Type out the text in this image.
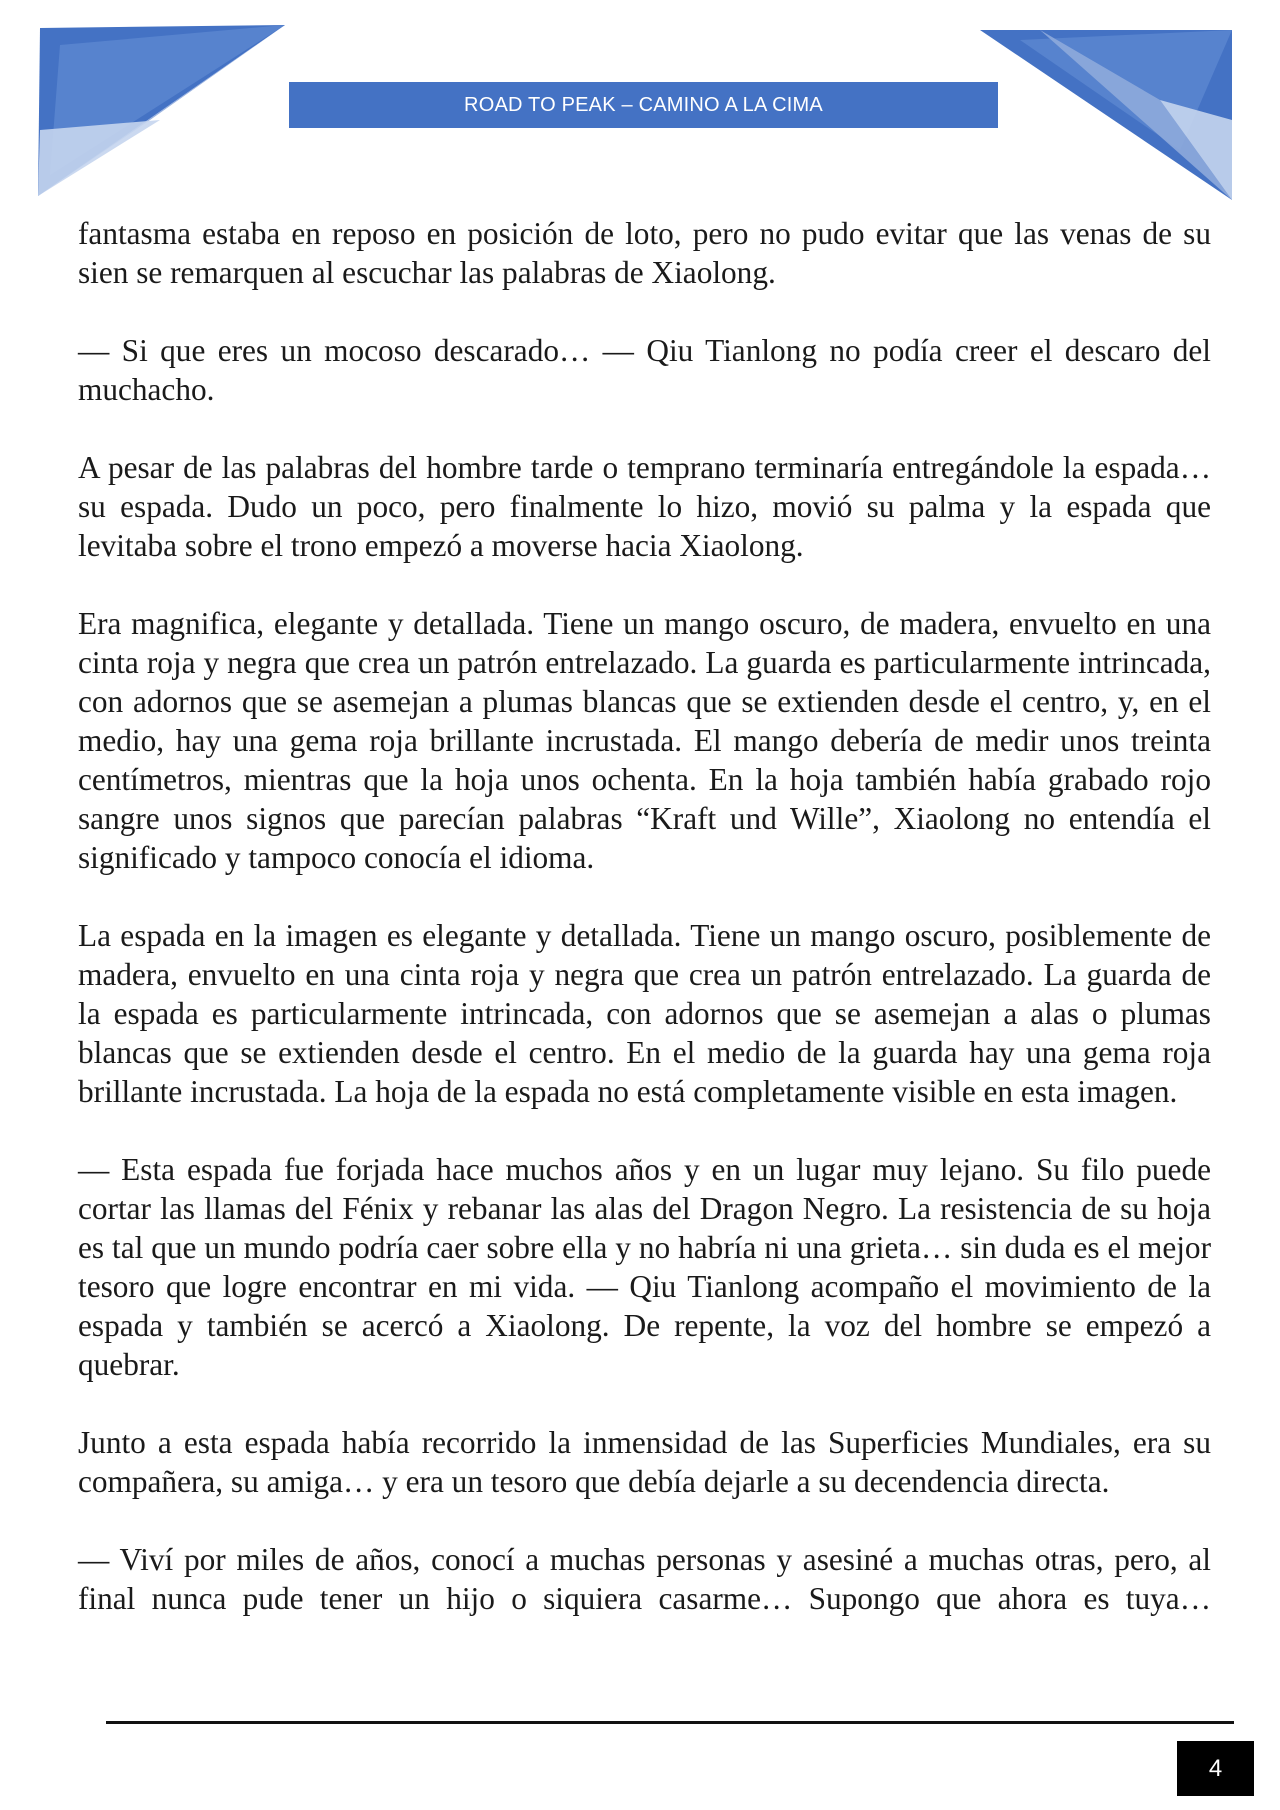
ROAD TO PEAK – CAMINO A LA CIMA

fantasma estaba en reposo en posición de loto, pero no pudo evitar que las venas de su sien se remarquen al escuchar las palabras de Xiaolong.

— Si que eres un mocoso descarado… — Qiu Tianlong no podía creer el descaro del muchacho.

A pesar de las palabras del hombre tarde o temprano terminaría entregándole la espada… su espada. Dudo un poco, pero finalmente lo hizo, movió su palma y la espada que levitaba sobre el trono empezó a moverse hacia Xiaolong.

Era magnifica, elegante y detallada. Tiene un mango oscuro, de madera, envuelto en una cinta roja y negra que crea un patrón entrelazado. La guarda es particularmente intrincada, con adornos que se asemejan a plumas blancas que se extienden desde el centro, y, en el medio, hay una gema roja brillante incrustada. El mango debería de medir unos treinta centímetros, mientras que la hoja unos ochenta. En la hoja también había grabado rojo sangre unos signos que parecían palabras “Kraft und Wille”, Xiaolong no entendía el significado y tampoco conocía el idioma.

La espada en la imagen es elegante y detallada. Tiene un mango oscuro, posiblemente de madera, envuelto en una cinta roja y negra que crea un patrón entrelazado. La guarda de la espada es particularmente intrincada, con adornos que se asemejan a alas o plumas blancas que se extienden desde el centro. En el medio de la guarda hay una gema roja brillante incrustada. La hoja de la espada no está completamente visible en esta imagen.

— Esta espada fue forjada hace muchos años y en un lugar muy lejano. Su filo puede cortar las llamas del Fénix y rebanar las alas del Dragon Negro. La resistencia de su hoja es tal que un mundo podría caer sobre ella y no habría ni una grieta… sin duda es el mejor tesoro que logre encontrar en mi vida. — Qiu Tianlong acompaño el movimiento de la espada y también se acercó a Xiaolong. De repente, la voz del hombre se empezó a quebrar.

Junto a esta espada había recorrido la inmensidad de las Superficies Mundiales, era su compañera, su amiga… y era un tesoro que debía dejarle a su decendencia directa.

— Viví por miles de años, conocí a muchas personas y asesiné a muchas otras, pero, al final nunca pude tener un hijo o siquiera casarme… Supongo que ahora es tuya…

4
